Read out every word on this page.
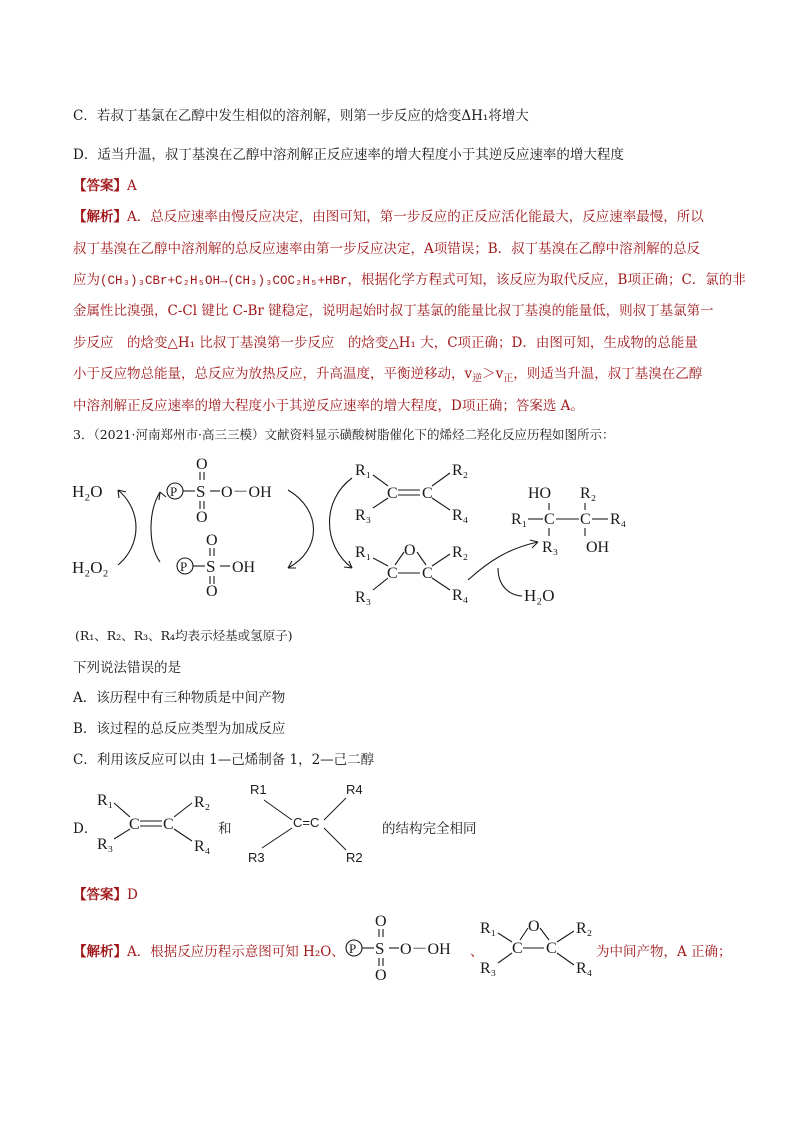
C．若叔丁基氯在乙醇中发生相似的溶剂解，则第一步反应的焓变ΔH₁将增大
D．适当升温，叔丁基溴在乙醇中溶剂解正反应速率的增大程度小于其逆反应速率的增大程度
【答案】A
【解析】A．总反应速率由慢反应决定，由图可知，第一步反应的正反应活化能最大，反应速率最慢，所以
叔丁基溴在乙醇中溶剂解的总反应速率由第一步反应决定，A项错误；B．叔丁基溴在乙醇中溶剂解的总反
应为(CH₃)₃CBr+C₂H₅OH→(CH₃)₃COC₂H₅+HBr，根据化学方程式可知，该反应为取代反应，B项正确；C．氯的非
金属性比溴强，C-Cl 键比 C-Br 键稳定，说明起始时叔丁基氯的能量比叔丁基溴的能量低，则叔丁基氯第一
步反应　的焓变△H₁ 比叔丁基溴第一步反应　的焓变△H₁ 大，C项正确；D．由图可知，生成物的总能量
小于反应物总能量，总反应为放热反应，升高温度，平衡逆移动，$v_逆>v_正$，则适当升温，叔丁基溴在乙醇
中溶剂解正反应速率的增大程度小于其逆反应速率的增大程度，D项正确；答案选 A。
3．（2021·河南郑州市·高三三模）文献资料显示磺酸树脂催化下的烯烃二羟化反应历程如图所示：
H₂O
H₂O₂
P S
O
O
O－OH
P S
O
O
OH
R₁	R₂
R₃	R₄
C C
R₁	R₂
R₃	R₄
O
C C
H₂O
HO R₂
R₁ C C R₄
R₃ OH
(R₁、R₂、R₃、R₄均表示烃基或氢原子)
下列说法错误的是
A．该历程中有三种物质是中间产物
B．该过程的总反应类型为加成反应
C．利用该反应可以由 1—己烯制备 1，2—己二醇
D．
R₁	R₂
R₃	R₄
C C	和
R1	R4
R3	R2
C=C	的结构完全相同
【答案】D
【解析】A．根据反应历程示意图可知 H₂O、 P S
O
O
O－OH 、
R₁	R₂
R₃	R₄
O
C C	为中间产物，A 正确；
